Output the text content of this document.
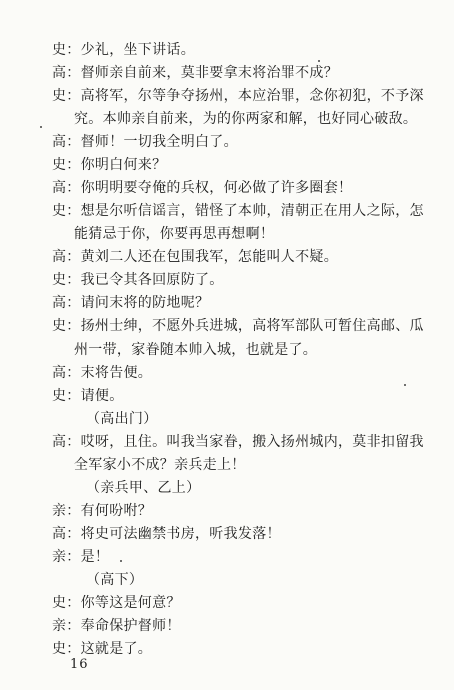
史：少礼，坐下讲话。
高：督师亲自前来，莫非要拿末将治罪不成？
史：高将军，尔等争夺扬州，本应治罪，念你初犯，不予深
究。本帅亲自前来，为的你两家和解，也好同心破敌。
高：督师！一切我全明白了。
史：你明白何来？
高：你明明要夺俺的兵权，何必做了许多圈套！
史：想是尔听信谣言，错怪了本帅，清朝正在用人之际，怎
能猜忌于你，你要再思再想啊！
高：黄刘二人还在包围我军，怎能叫人不疑。
史：我已令其各回原防了。
高：请问末将的防地呢？
史：扬州士绅，不愿外兵进城，高将军部队可暂住高邮、瓜
州一带，家眷随本帅入城，也就是了。
高：末将告便。
史：请便。
（高出门）
高：哎呀，且住。叫我当家眷，搬入扬州城内，莫非扣留我
全军家小不成？亲兵走上！
（亲兵甲、乙上）
亲：有何吩咐？
高：将史可法幽禁书房，听我发落！
亲：是！
（高下）
史：你等这是何意？
亲：奉命保护督师！
史：这就是了。
16
